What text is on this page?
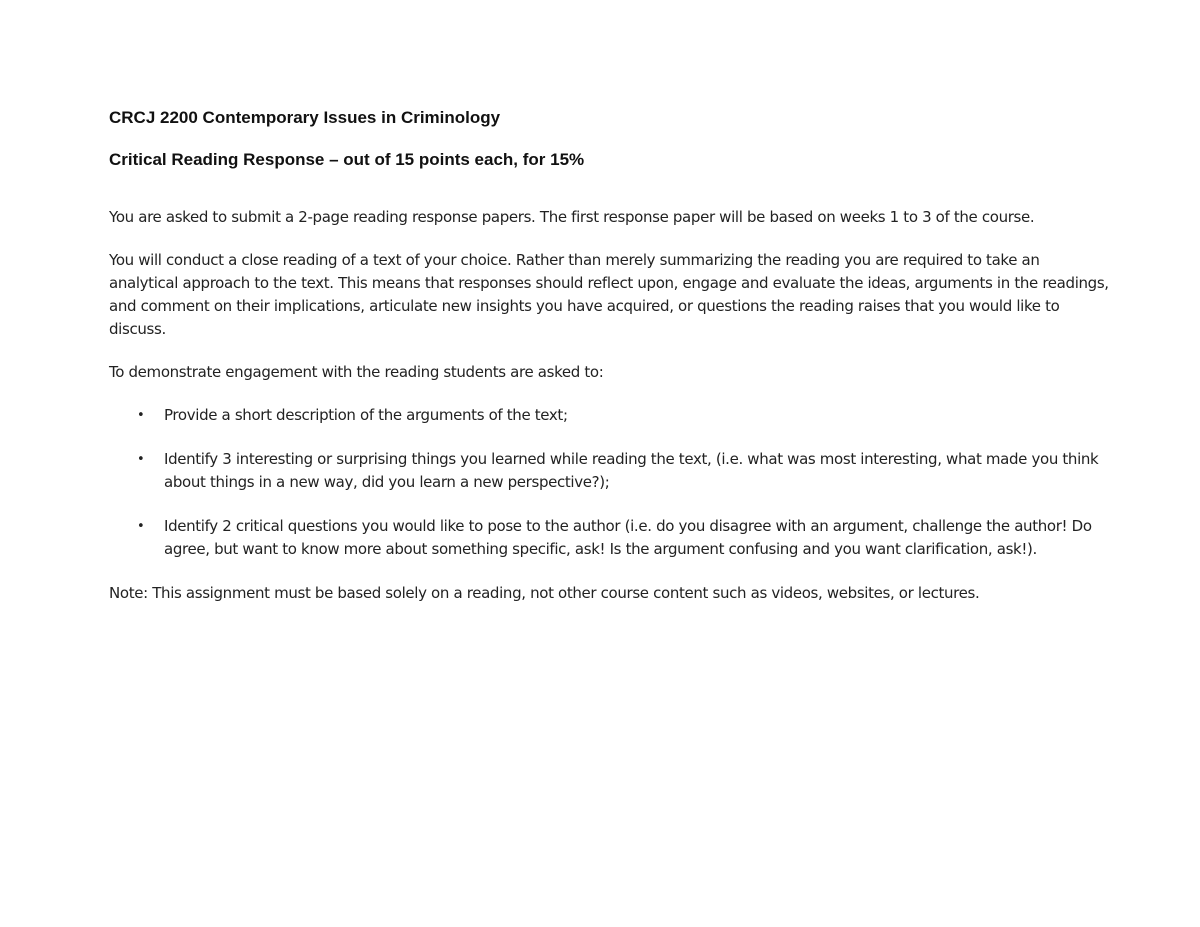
CRCJ 2200 Contemporary Issues in Criminology
Critical Reading Response – out of 15 points each, for 15%

You are asked to submit a 2-page reading response papers. The first response paper will be based on weeks 1 to 3 of the course.

You will conduct a close reading of a text of your choice. Rather than merely summarizing the reading you are required to take an analytical approach to the text. This means that responses should reflect upon, engage and evaluate the ideas, arguments in the readings, and comment on their implications, articulate new insights you have acquired, or questions the reading raises that you would like to discuss.

To demonstrate engagement with the reading students are asked to:

• Provide a short description of the arguments of the text;
• Identify 3 interesting or surprising things you learned while reading the text, (i.e. what was most interesting, what made you think about things in a new way, did you learn a new perspective?);
• Identify 2 critical questions you would like to pose to the author (i.e. do you disagree with an argument, challenge the author! Do agree, but want to know more about something specific, ask! Is the argument confusing and you want clarification, ask!).

Note: This assignment must be based solely on a reading, not other course content such as videos, websites, or lectures.
